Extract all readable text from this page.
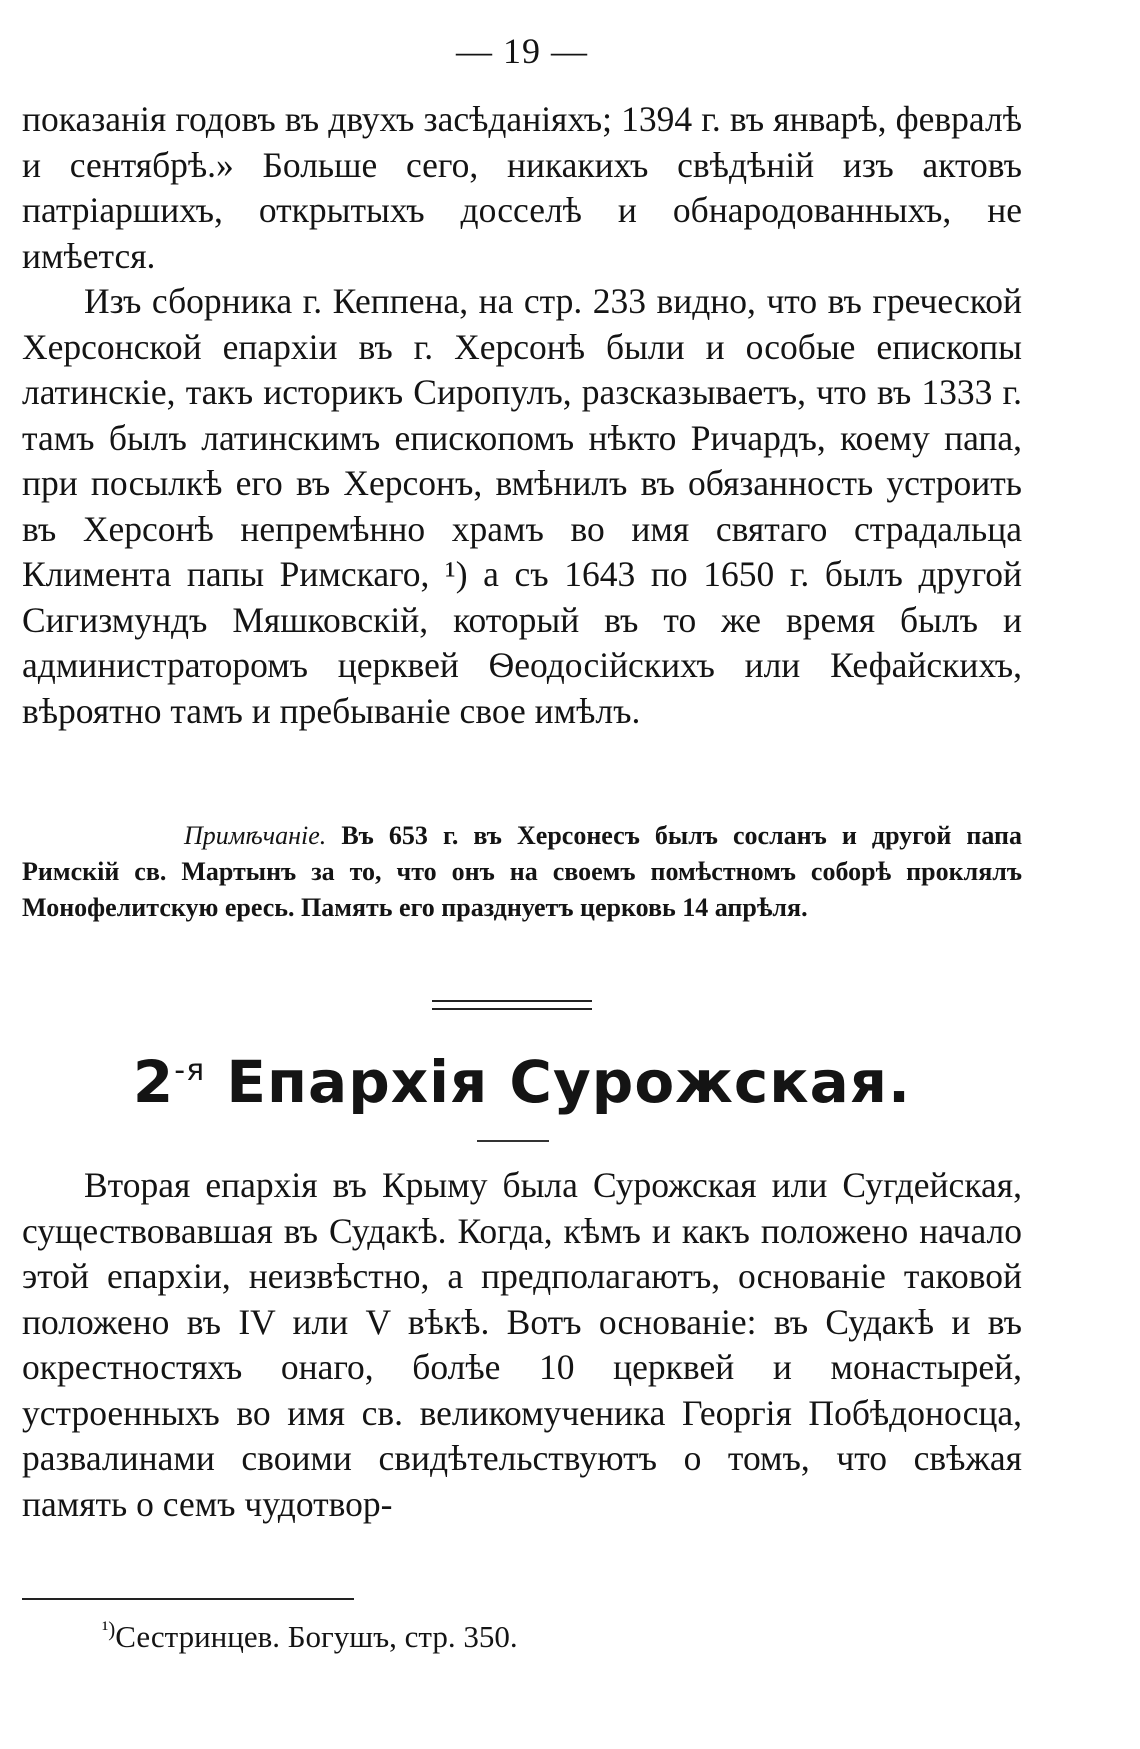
— 19 —

показанія годовъ въ двухъ засѣданіяхъ; 1394 г. въ январѣ, февралѣ и сентябрѣ.» Больше сего, никакихъ свѣдѣній изъ актовъ патріаршихъ, открытыхъ досселѣ и обнародованныхъ, не имѣется.

Изъ сборника г. Кеппена, на стр. 233 видно, что въ греческой Херсонской епархіи въ г. Херсонѣ были и особые епископы латинскіе, такъ историкъ Сиропулъ, разсказываетъ, что въ 1333 г. тамъ былъ латинскимъ епископомъ нѣкто Ричардъ, коему папа, при посылкѣ его въ Херсонъ, вмѣнилъ въ обязанность устроить въ Херсонѣ непремѣнно храмъ во имя святаго страдальца Климента папы Римскаго, ¹) а съ 1643 по 1650 г. былъ другой Сигизмундъ Мяшковскій, который въ то же время былъ и администраторомъ церквей Ѳеодосійскихъ или Кефайскихъ, вѣроятно тамъ и пребываніе свое имѣлъ.

Примѣчаніе. Въ 653 г. въ Херсонесъ былъ сосланъ и другой папа Римскій св. Мартынъ за то, что онъ на своемъ помѣстномъ соборѣ проклялъ Монофелитскую ересь. Память его празднуетъ церковь 14 апрѣля.

$2^{-я}$ Епархія Сурожская.

Вторая епархія въ Крыму была Сурожская или Сугдейская, существовавшая въ Судакѣ. Когда, кѣмъ и какъ положено начало этой епархіи, неизвѣстно, а предполагаютъ, основаніе таковой положено въ IV или V вѣкѣ. Вотъ основаніе: въ Судакѣ и въ окрестностяхъ онаго, болѣе 10 церквей и монастырей, устроенныхъ во имя св. великомученика Георгія Побѣдоносца, развалинами своими свидѣтельствуютъ о томъ, что свѣжая память о семъ чудотвор-

$^{^1)}$Сестринцев. Богушъ, стр. 350.
